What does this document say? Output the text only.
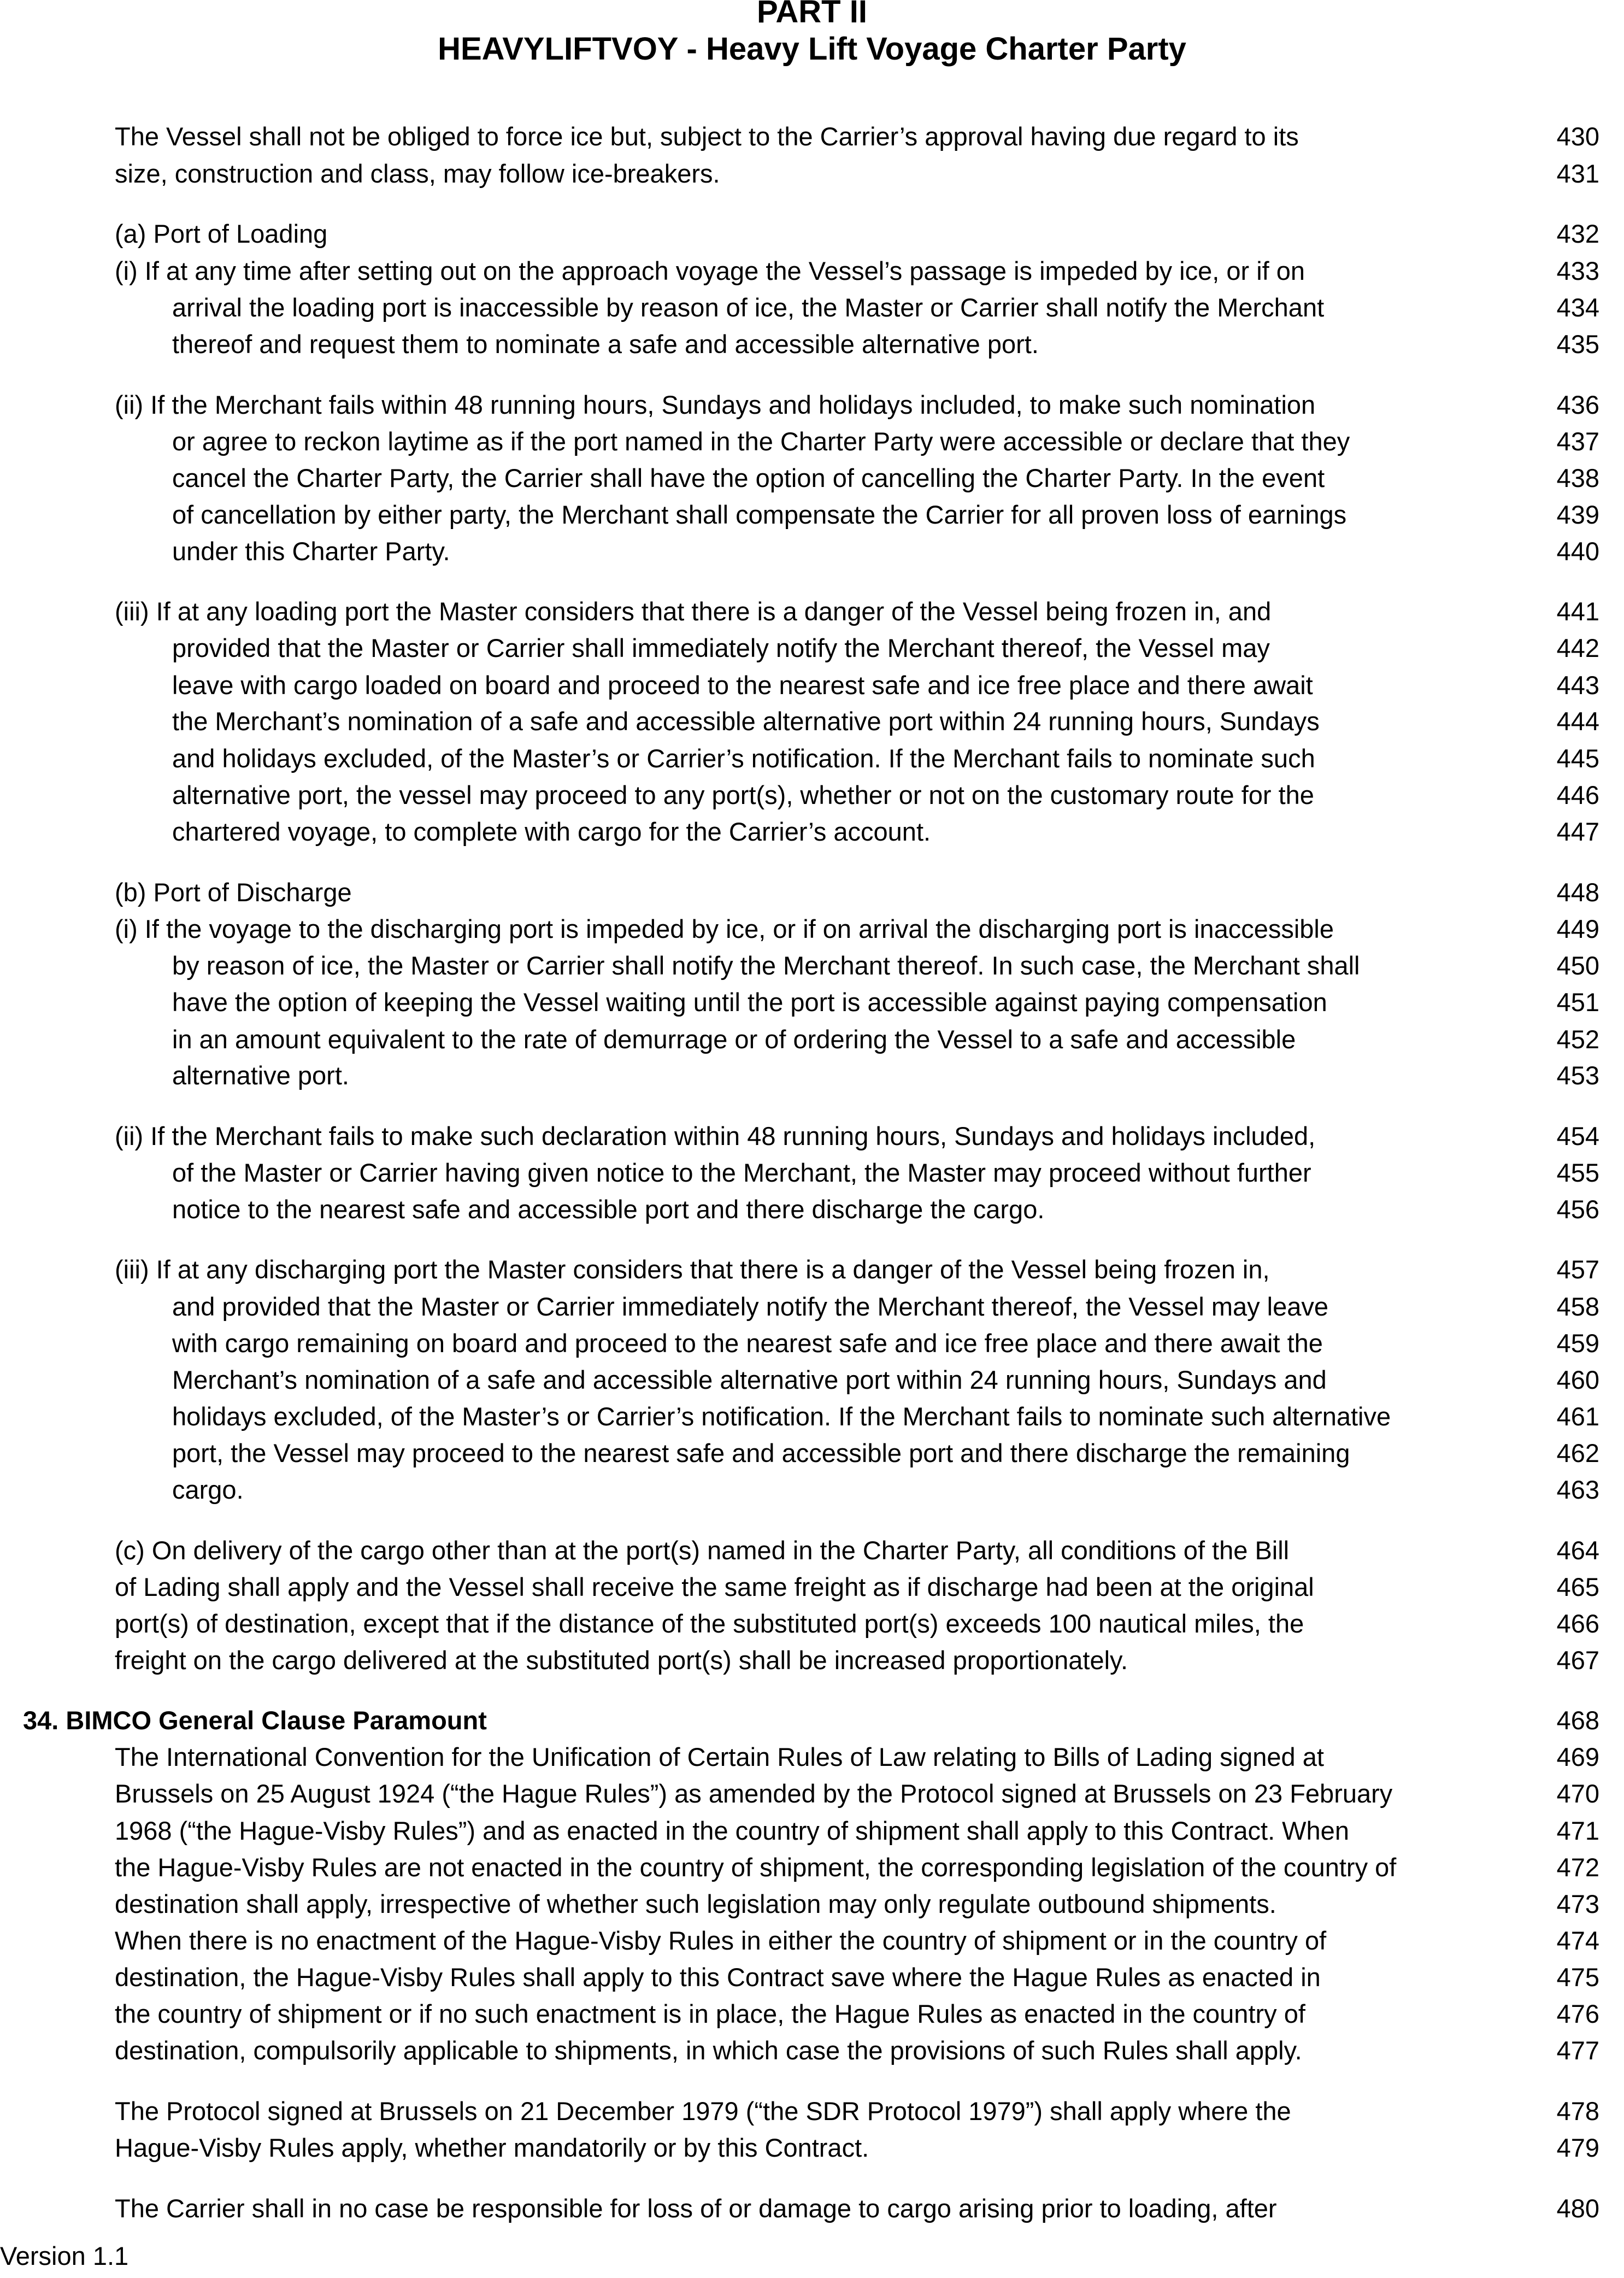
PART II
HEAVYLIFTVOY - Heavy Lift Voyage Charter Party
The Vessel shall not be obliged to force ice but, subject to the Carrier’s approval having due regard to its	430
size, construction and class, may follow ice-breakers.	431
(a) Port of Loading	432
(i) If at any time after setting out on the approach voyage the Vessel’s passage is impeded by ice, or if on	433
arrival the loading port is inaccessible by reason of ice, the Master or Carrier shall notify the Merchant	434
thereof and request them to nominate a safe and accessible alternative port.	435
(ii) If the Merchant fails within 48 running hours, Sundays and holidays included, to make such nomination	436
or agree to reckon laytime as if the port named in the Charter Party were accessible or declare that they	437
cancel the Charter Party, the Carrier shall have the option of cancelling the Charter Party. In the event	438
of cancellation by either party, the Merchant shall compensate the Carrier for all proven loss of earnings	439
under this Charter Party.	440
(iii) If at any loading port the Master considers that there is a danger of the Vessel being frozen in, and	441
provided that the Master or Carrier shall immediately notify the Merchant thereof, the Vessel may	442
leave with cargo loaded on board and proceed to the nearest safe and ice free place and there await	443
the Merchant’s nomination of a safe and accessible alternative port within 24 running hours, Sundays	444
and holidays excluded, of the Master’s or Carrier’s notification. If the Merchant fails to nominate such	445
alternative port, the vessel may proceed to any port(s), whether or not on the customary route for the	446
chartered voyage, to complete with cargo for the Carrier’s account.	447
(b) Port of Discharge	448
(i) If the voyage to the discharging port is impeded by ice, or if on arrival the discharging port is inaccessible	449
by reason of ice, the Master or Carrier shall notify the Merchant thereof. In such case, the Merchant shall	450
have the option of keeping the Vessel waiting until the port is accessible against paying compensation	451
in an amount equivalent to the rate of demurrage or of ordering the Vessel to a safe and accessible	452
alternative port.	453
(ii) If the Merchant fails to make such declaration within 48 running hours, Sundays and holidays included,	454
of the Master or Carrier having given notice to the Merchant, the Master may proceed without further	455
notice to the nearest safe and accessible port and there discharge the cargo.	456
(iii) If at any discharging port the Master considers that there is a danger of the Vessel being frozen in,	457
and provided that the Master or Carrier immediately notify the Merchant thereof, the Vessel may leave	458
with cargo remaining on board and proceed to the nearest safe and ice free place and there await the	459
Merchant’s nomination of a safe and accessible alternative port within 24 running hours, Sundays and	460
holidays excluded, of the Master’s or Carrier’s notification. If the Merchant fails to nominate such alternative	461
port, the Vessel may proceed to the nearest safe and accessible port and there discharge the remaining	462
cargo.	463
(c) On delivery of the cargo other than at the port(s) named in the Charter Party, all conditions of the Bill	464
of Lading shall apply and the Vessel shall receive the same freight as if discharge had been at the original	465
port(s) of destination, except that if the distance of the substituted port(s) exceeds 100 nautical miles, the	466
freight on the cargo delivered at the substituted port(s) shall be increased proportionately.	467
34. BIMCO General Clause Paramount	468
The International Convention for the Unification of Certain Rules of Law relating to Bills of Lading signed at	469
Brussels on 25 August 1924 (“the Hague Rules”) as amended by the Protocol signed at Brussels on 23 February	470
1968 (“the Hague-Visby Rules”) and as enacted in the country of shipment shall apply to this Contract. When	471
the Hague-Visby Rules are not enacted in the country of shipment, the corresponding legislation of the country of	472
destination shall apply, irrespective of whether such legislation may only regulate outbound shipments.	473
When there is no enactment of the Hague-Visby Rules in either the country of shipment or in the country of	474
destination, the Hague-Visby Rules shall apply to this Contract save where the Hague Rules as enacted in	475
the country of shipment or if no such enactment is in place, the Hague Rules as enacted in the country of	476
destination, compulsorily applicable to shipments, in which case the provisions of such Rules shall apply.	477
The Protocol signed at Brussels on 21 December 1979 (“the SDR Protocol 1979”) shall apply where the	478
Hague-Visby Rules apply, whether mandatorily or by this Contract.	479
The Carrier shall in no case be responsible for loss of or damage to cargo arising prior to loading, after	480
Version 1.1
